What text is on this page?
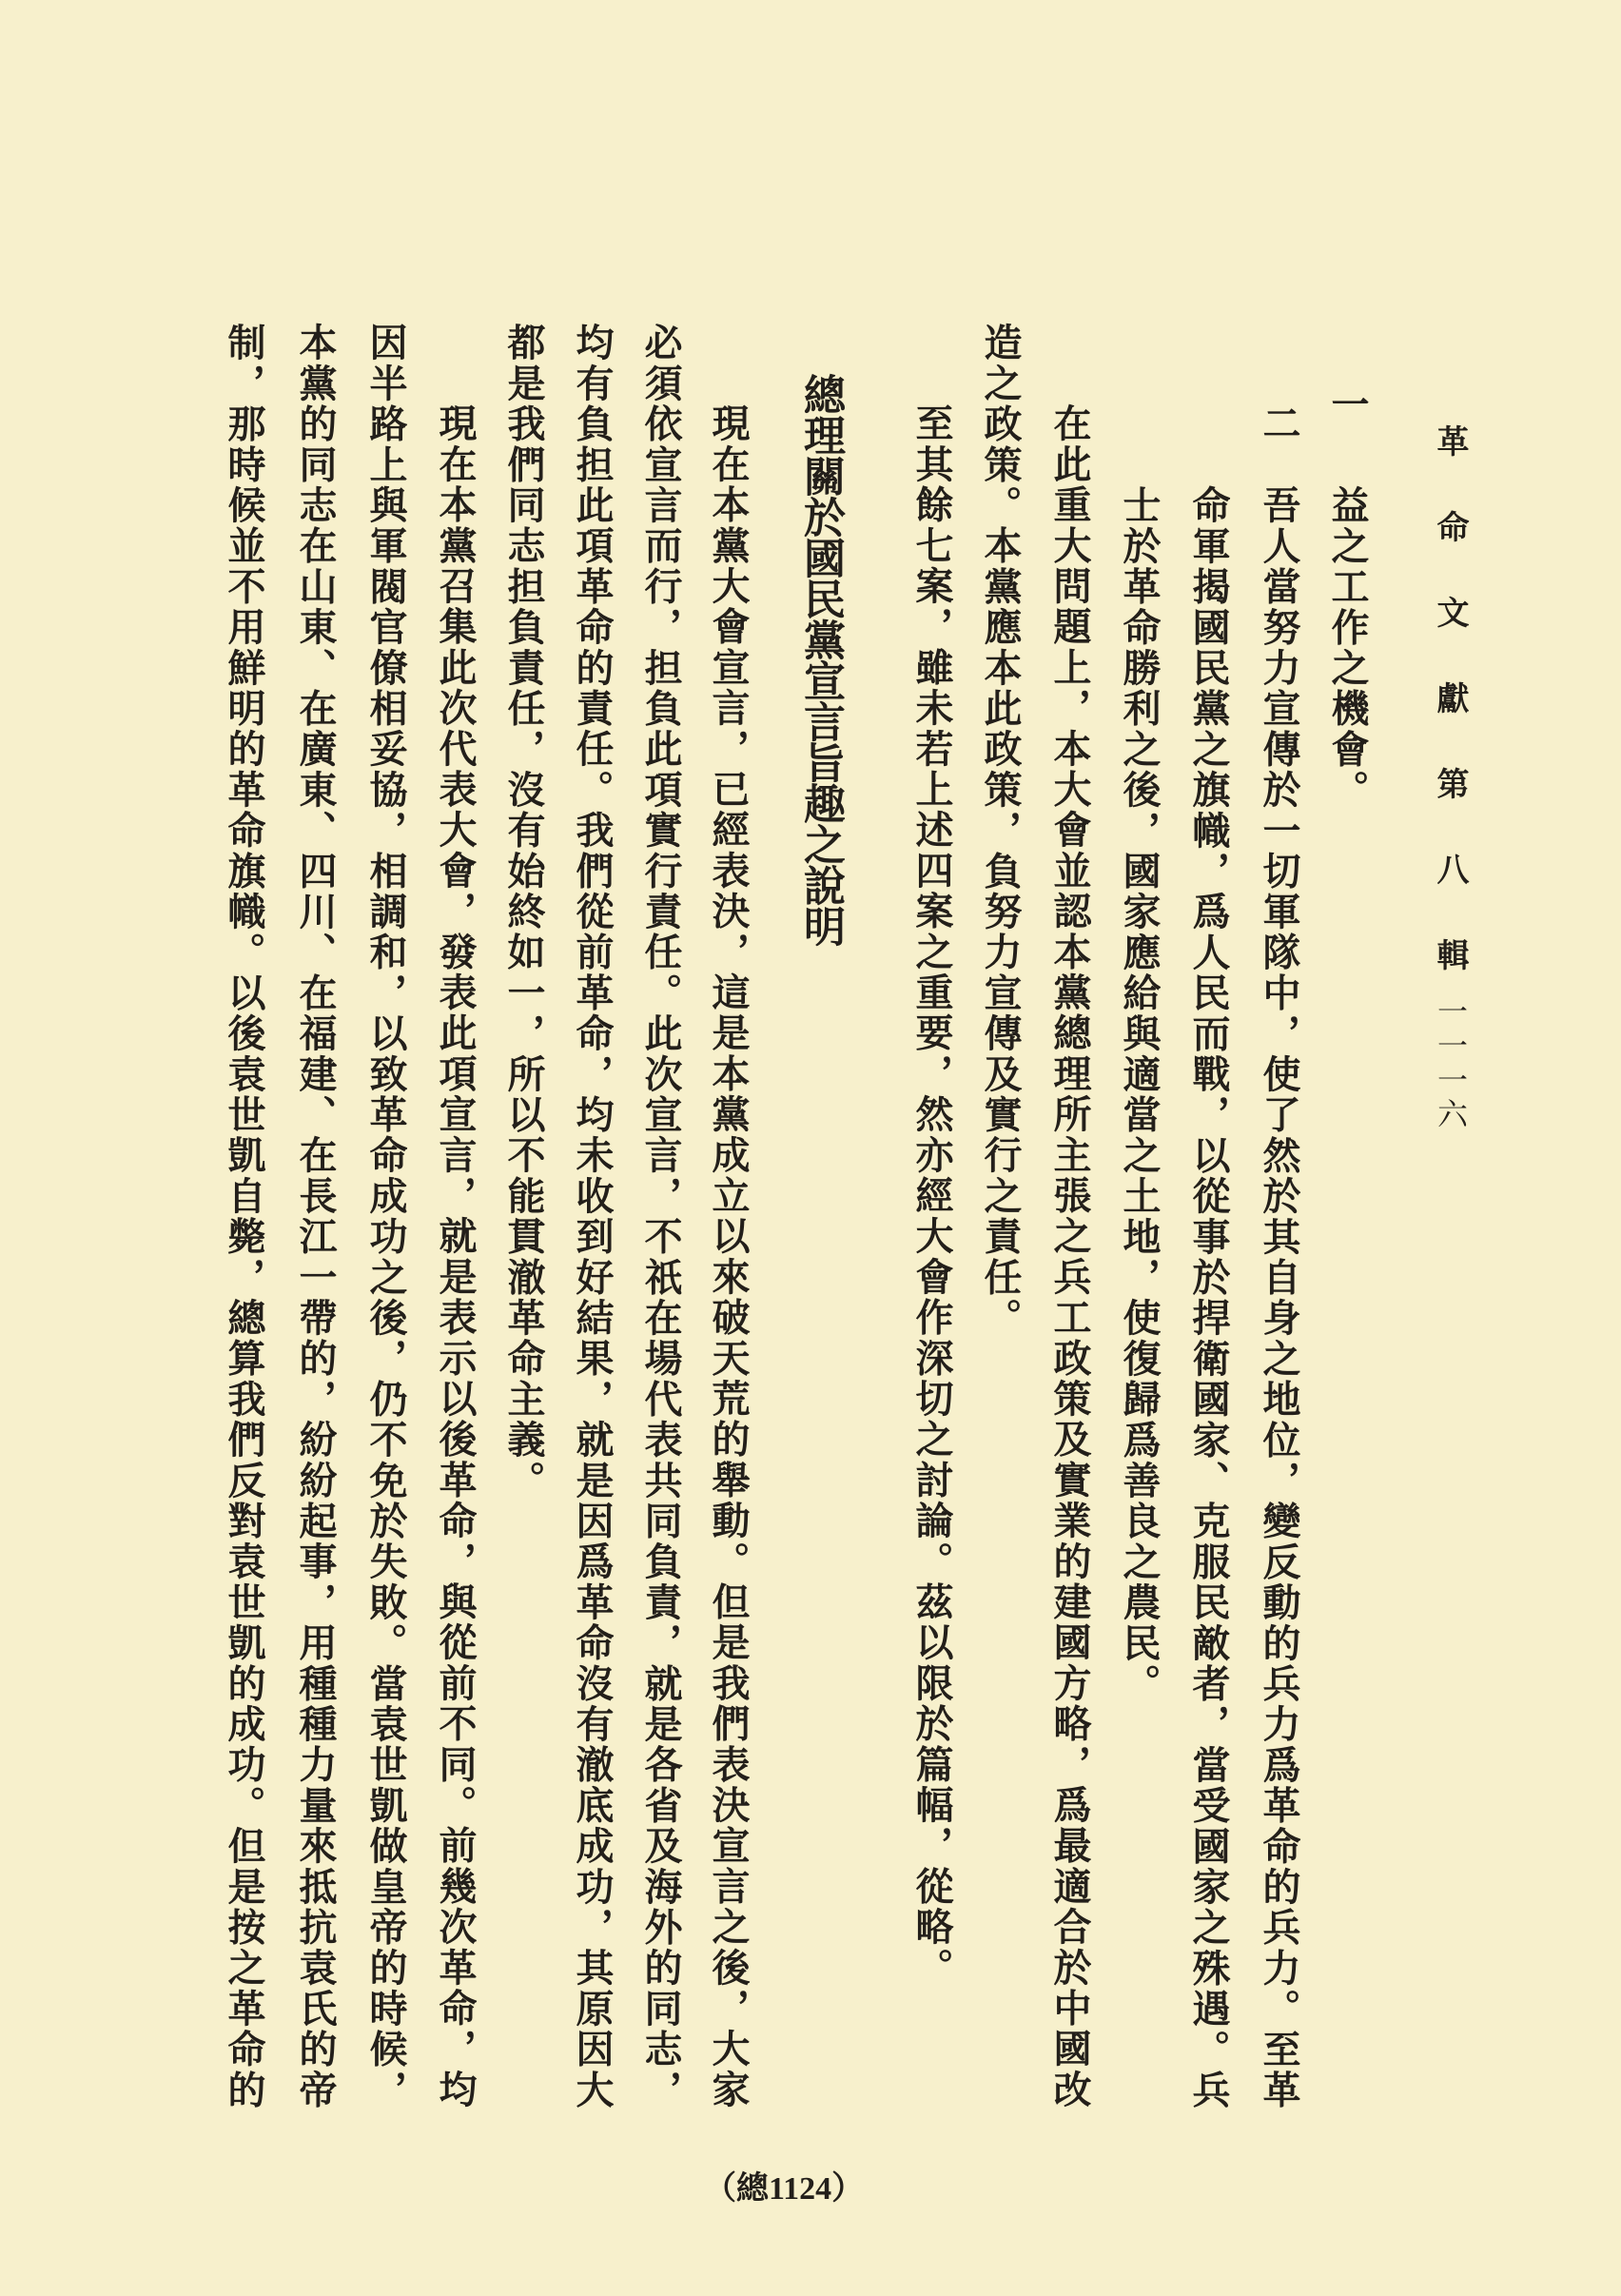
革命文獻第八輯
一一一六
一
益之工作之機會。
二
吾人當努力宣傳於一切軍隊中，使了然於其自身之地位，變反動的兵力爲革命的兵力。至革
命軍揭國民黨之旗幟，爲人民而戰，以從事於捍衛國家、克服民敵者，當受國家之殊遇。兵
士於革命勝利之後，國家應給與適當之土地，使復歸爲善良之農民。
在此重大問題上，本大會並認本黨總理所主張之兵工政策及實業的建國方略，爲最適合於中國改
造之政策。本黨應本此政策，負努力宣傳及實行之責任。
至其餘七案，雖未若上述四案之重要，然亦經大會作深切之討論。茲以限於篇幅，從略。
總理關於國民黨宣言旨趣之說明
現在本黨大會宣言，已經表決，這是本黨成立以來破天荒的舉動。但是我們表決宣言之後，大家
必須依宣言而行，担負此項實行責任。此次宣言，不祇在場代表共同負責，就是各省及海外的同志，
均有負担此項革命的責任。我們從前革命，均未收到好結果，就是因爲革命沒有澈底成功，其原因大
都是我們同志担負責任，沒有始終如一，所以不能貫澈革命主義。
現在本黨召集此次代表大會，發表此項宣言，就是表示以後革命，與從前不同。前幾次革命，均
因半路上與軍閥官僚相妥協，相調和，以致革命成功之後，仍不免於失敗。當袁世凱做皇帝的時候，
本黨的同志在山東、在廣東、四川、在福建、在長江一帶的，紛紛起事，用種種力量來抵抗袁氏的帝
制，那時候並不用鮮明的革命旗幟。以後袁世凱自斃，總算我們反對袁世凱的成功。但是按之革命的
（總1124）
